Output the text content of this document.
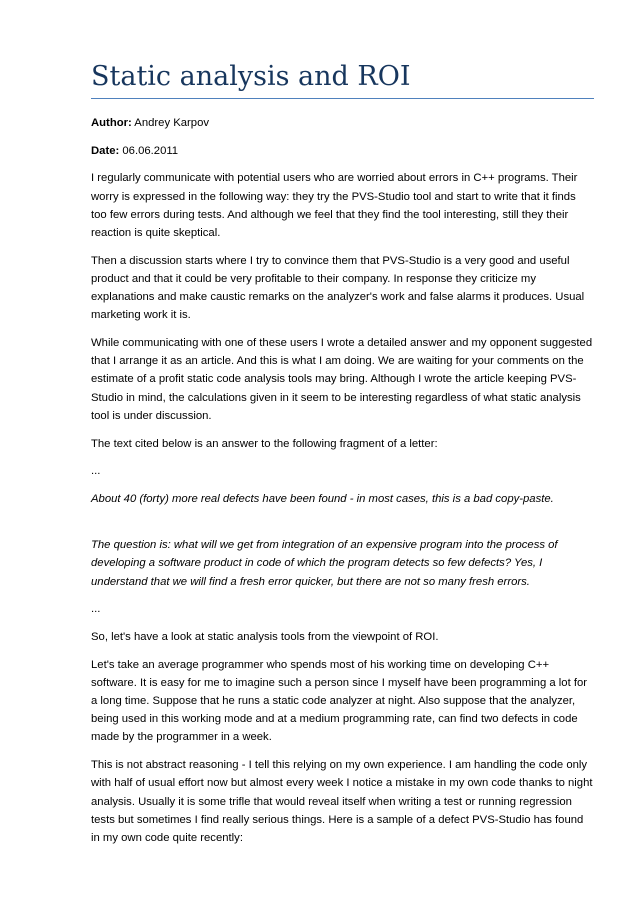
Static analysis and ROI

Author: Andrey Karpov

Date: 06.06.2011

I regularly communicate with potential users who are worried about errors in C++ programs. Their worry is expressed in the following way: they try the PVS-Studio tool and start to write that it finds too few errors during tests. And although we feel that they find the tool interesting, still they their reaction is quite skeptical.

Then a discussion starts where I try to convince them that PVS-Studio is a very good and useful product and that it could be very profitable to their company. In response they criticize my explanations and make caustic remarks on the analyzer's work and false alarms it produces. Usual marketing work it is.

While communicating with one of these users I wrote a detailed answer and my opponent suggested that I arrange it as an article. And this is what I am doing. We are waiting for your comments on the estimate of a profit static code analysis tools may bring. Although I wrote the article keeping PVS-Studio in mind, the calculations given in it seem to be interesting regardless of what static analysis tool is under discussion.

The text cited below is an answer to the following fragment of a letter:

...

About 40 (forty) more real defects have been found - in most cases, this is a bad copy-paste.

The question is: what will we get from integration of an expensive program into the process of developing a software product in code of which the program detects so few defects? Yes, I understand that we will find a fresh error quicker, but there are not so many fresh errors.

...

So, let's have a look at static analysis tools from the viewpoint of ROI.

Let's take an average programmer who spends most of his working time on developing C++ software. It is easy for me to imagine such a person since I myself have been programming a lot for a long time. Suppose that he runs a static code analyzer at night. Also suppose that the analyzer, being used in this working mode and at a medium programming rate, can find two defects in code made by the programmer in a week.

This is not abstract reasoning - I tell this relying on my own experience. I am handling the code only with half of usual effort now but almost every week I notice a mistake in my own code thanks to night analysis. Usually it is some trifle that would reveal itself when writing a test or running regression tests but sometimes I find really serious things. Here is a sample of a defect PVS-Studio has found in my own code quite recently:
